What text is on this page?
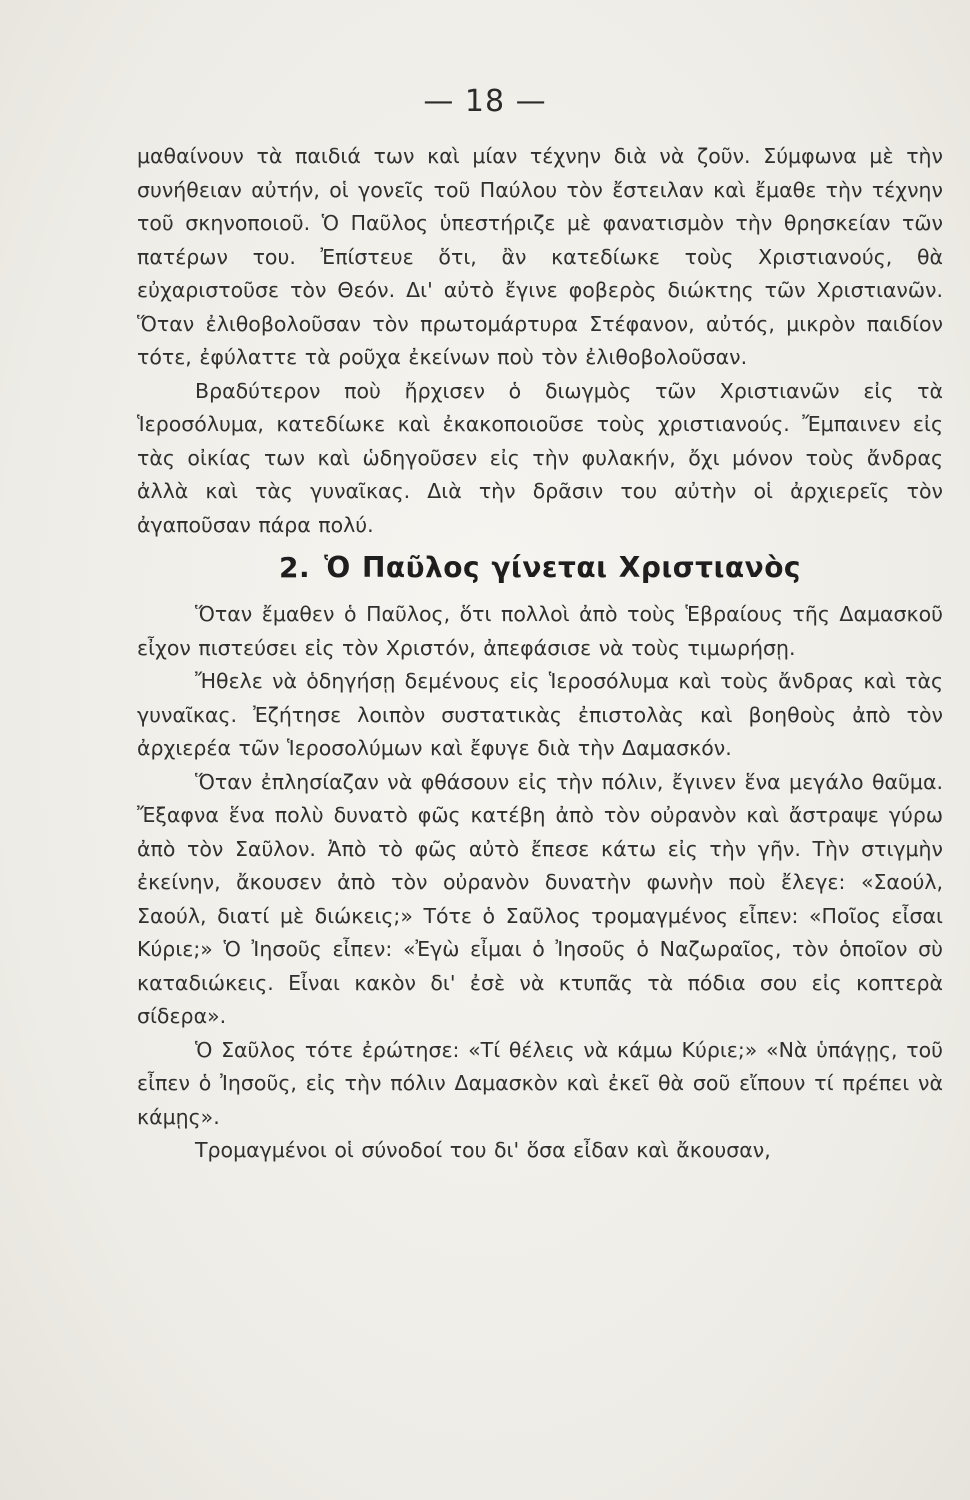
— 18 —

μαθαίνουν τὰ παιδιά των καὶ μίαν τέχνην διὰ νὰ ζοῦν. Σύμφωνα μὲ τὴν συνήθειαν αὐτήν, οἱ γονεῖς τοῦ Παύλου τὸν ἔστειλαν καὶ ἔμαθε τὴν τέχνην τοῦ σκηνοποιοῦ. Ὁ Παῦλος ὑπεστήριζε μὲ φανατισμὸν τὴν θρησκείαν τῶν πατέρων του. Ἐπίστευε ὅτι, ἂν κατεδίωκε τοὺς Χριστιανούς, θὰ εὐχαριστοῦσε τὸν Θεόν. Δι' αὐτὸ ἔγινε φοβερὸς διώκτης τῶν Χριστιανῶν. Ὅταν ἐλιθοβολοῦσαν τὸν πρωτομάρτυρα Στέφανον, αὐτός, μικρὸν παιδίον τότε, ἐφύλαττε τὰ ροῦχα ἐκείνων ποὺ τὸν ἐλιθοβολοῦσαν.

Βραδύτερον ποὺ ἤρχισεν ὁ διωγμὸς τῶν Χριστιανῶν εἰς τὰ Ἱεροσόλυμα, κατεδίωκε καὶ ἐκακοποιοῦσε τοὺς χριστιανούς. Ἔμπαινεν εἰς τὰς οἰκίας των καὶ ὡδηγοῦσεν εἰς τὴν φυλακήν, ὄχι μόνον τοὺς ἄνδρας ἀλλὰ καὶ τὰς γυναῖκας. Διὰ τὴν δρᾶσιν του αὐτὴν οἱ ἀρχιερεῖς τὸν ἀγαποῦσαν πάρα πολύ.

2. Ὁ Παῦλος γίνεται Χριστιανὸς

Ὅταν ἔμαθεν ὁ Παῦλος, ὅτι πολλοὶ ἀπὸ τοὺς Ἑβραίους τῆς Δαμασκοῦ εἶχον πιστεύσει εἰς τὸν Χριστόν, ἀπεφάσισε νὰ τοὺς τιμωρήσῃ.

Ἤθελε νὰ ὁδηγήσῃ δεμένους εἰς Ἱεροσόλυμα καὶ τοὺς ἄνδρας καὶ τὰς γυναῖκας. Ἐζήτησε λοιπὸν συστατικὰς ἐπιστολὰς καὶ βοηθοὺς ἀπὸ τὸν ἀρχιερέα τῶν Ἱεροσολύμων καὶ ἔφυγε διὰ τὴν Δαμασκόν.

Ὅταν ἐπλησίαζαν νὰ φθάσουν εἰς τὴν πόλιν, ἔγινεν ἕνα μεγάλο θαῦμα. Ἔξαφνα ἕνα πολὺ δυνατὸ φῶς κατέβη ἀπὸ τὸν οὐρανὸν καὶ ἄστραψε γύρω ἀπὸ τὸν Σαῦλον. Ἀπὸ τὸ φῶς αὐτὸ ἔπεσε κάτω εἰς τὴν γῆν. Τὴν στιγμὴν ἐκείνην, ἄκουσεν ἀπὸ τὸν οὐρανὸν δυνατὴν φωνὴν ποὺ ἔλεγε: «Σαούλ, Σαούλ, διατί μὲ διώκεις;» Τότε ὁ Σαῦλος τρομαγμένος εἶπεν: «Ποῖος εἶσαι Κύριε;» Ὁ Ἰησοῦς εἶπεν: «Ἐγὼ εἶμαι ὁ Ἰησοῦς ὁ Ναζωραῖος, τὸν ὁποῖον σὺ καταδιώκεις. Εἶναι κακὸν δι' ἐσὲ νὰ κτυπᾶς τὰ πόδια σου εἰς κοπτερὰ σίδερα».

Ὁ Σαῦλος τότε ἐρώτησε: «Τί θέλεις νὰ κάμω Κύριε;» «Νὰ ὑπάγῃς, τοῦ εἶπεν ὁ Ἰησοῦς, εἰς τὴν πόλιν Δαμασκὸν καὶ ἐκεῖ θὰ σοῦ εἴπουν τί πρέπει νὰ κάμῃς».

Τρομαγμένοι οἱ σύνοδοί του δι' ὅσα εἶδαν καὶ ἄκουσαν,
